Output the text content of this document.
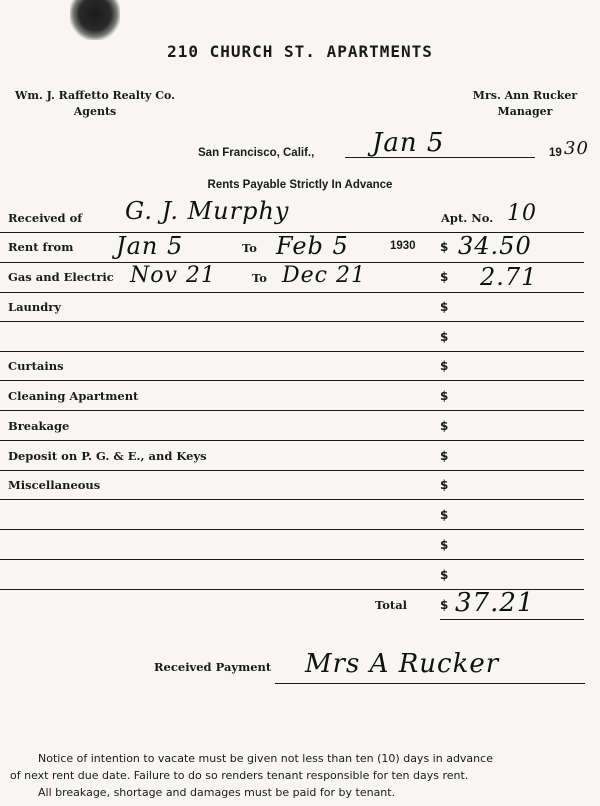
210 CHURCH ST. APARTMENTS
Wm. J. Raffetto Realty Co.
Agents
Mrs. Ann Rucker
Manager
San Francisco, Calif., Jan 5	19 30
Rents Payable Strictly In Advance
Received of G. J. Murphy	Apt. No. 10
Rent from Jan 5	To Feb 5	1930 $ 34.50
Gas and Electric Nov 21	To Dec 21	$ 2.71
Laundry	$
$
Curtains	$
Cleaning Apartment	$
Breakage	$
Deposit on P. G. & E., and Keys	$
Miscellaneous	$
$
$
$
Total	$ 37.21
Received Payment Mrs A Rucker
Notice of intention to vacate must be given not less than ten (10) days in advance
of next rent due date. Failure to do so renders tenant responsible for ten days rent.
All breakage, shortage and damages must be paid for by tenant.
